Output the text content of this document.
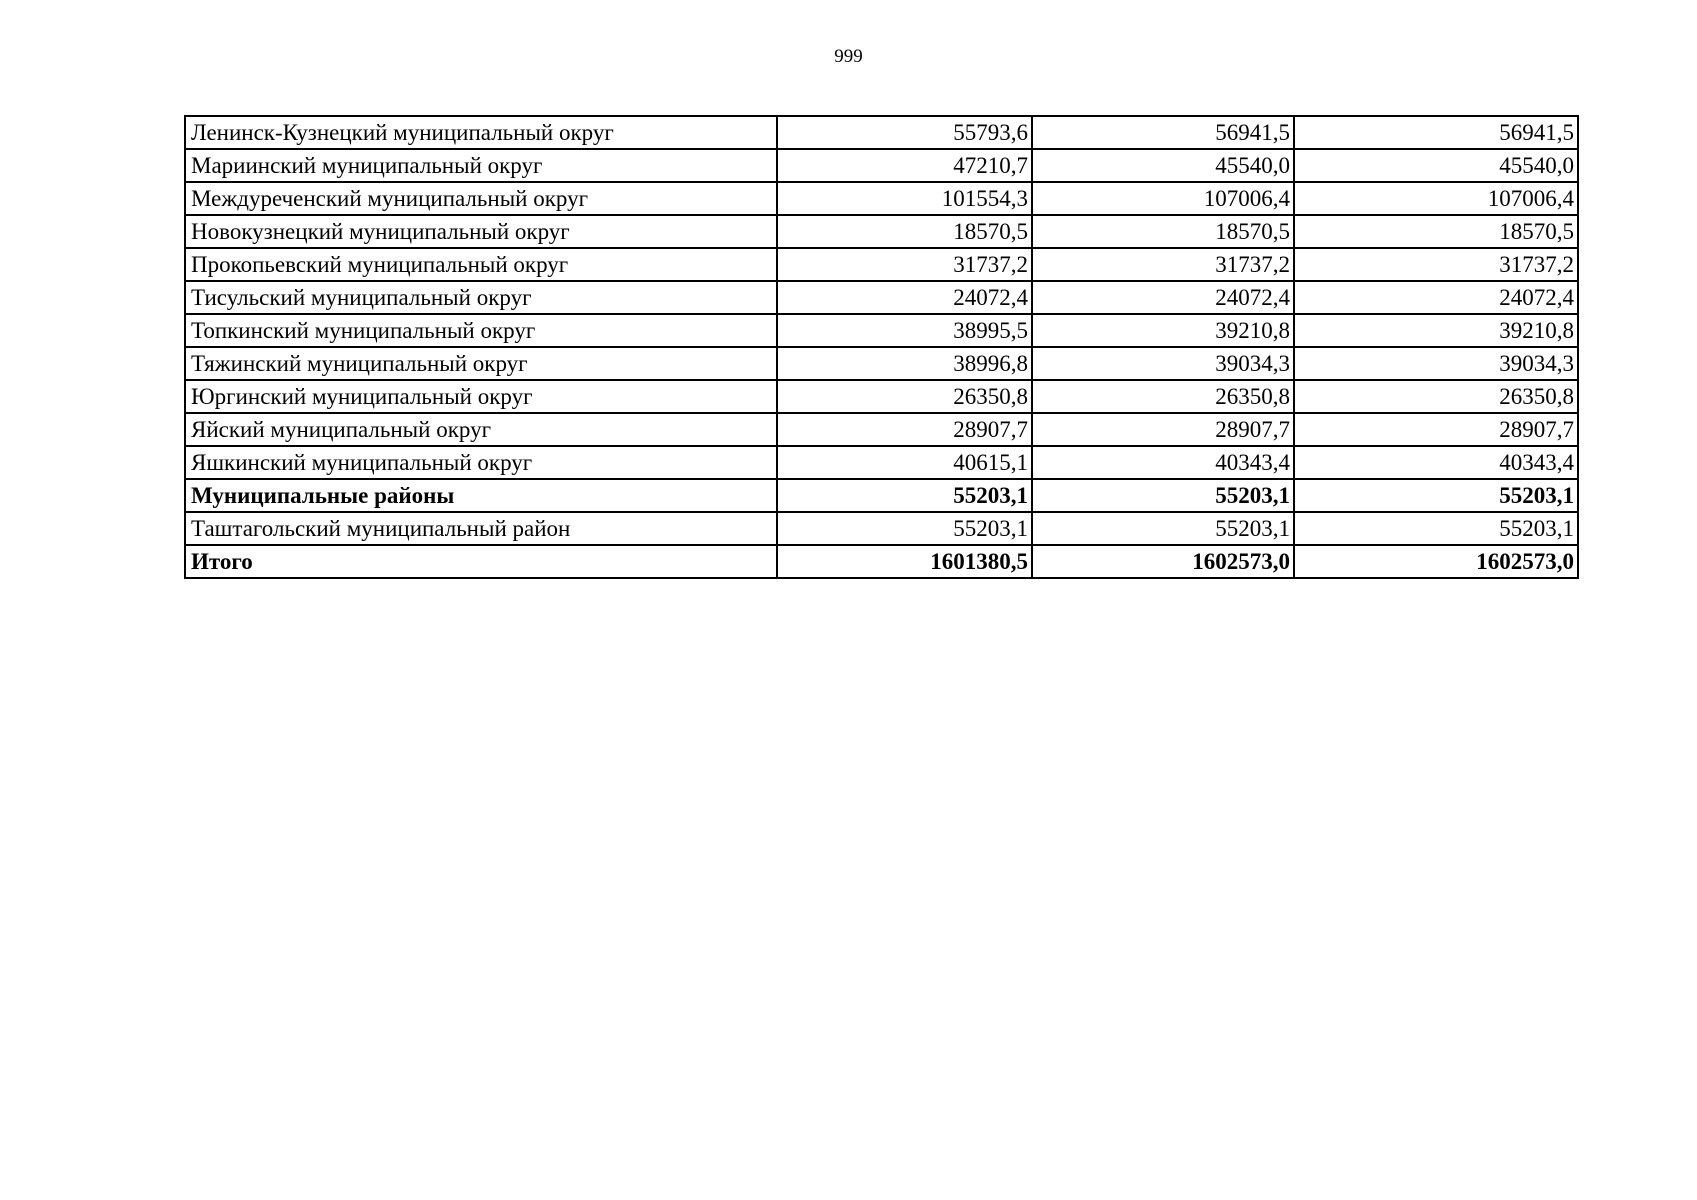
999
Ленинск-Кузнецкий муниципальный округ	55793,6	56941,5	56941,5
Мариинский муниципальный округ	47210,7	45540,0	45540,0
Междуреченский муниципальный округ	101554,3	107006,4	107006,4
Новокузнецкий муниципальный округ	18570,5	18570,5	18570,5
Прокопьевский муниципальный округ	31737,2	31737,2	31737,2
Тисульский муниципальный округ	24072,4	24072,4	24072,4
Топкинский муниципальный округ	38995,5	39210,8	39210,8
Тяжинский муниципальный округ	38996,8	39034,3	39034,3
Юргинский муниципальный округ	26350,8	26350,8	26350,8
Яйский муниципальный округ	28907,7	28907,7	28907,7
Яшкинский муниципальный округ	40615,1	40343,4	40343,4
Муниципальные районы	55203,1	55203,1	55203,1
Таштагольский муниципальный район	55203,1	55203,1	55203,1
Итого	1601380,5	1602573,0	1602573,0
